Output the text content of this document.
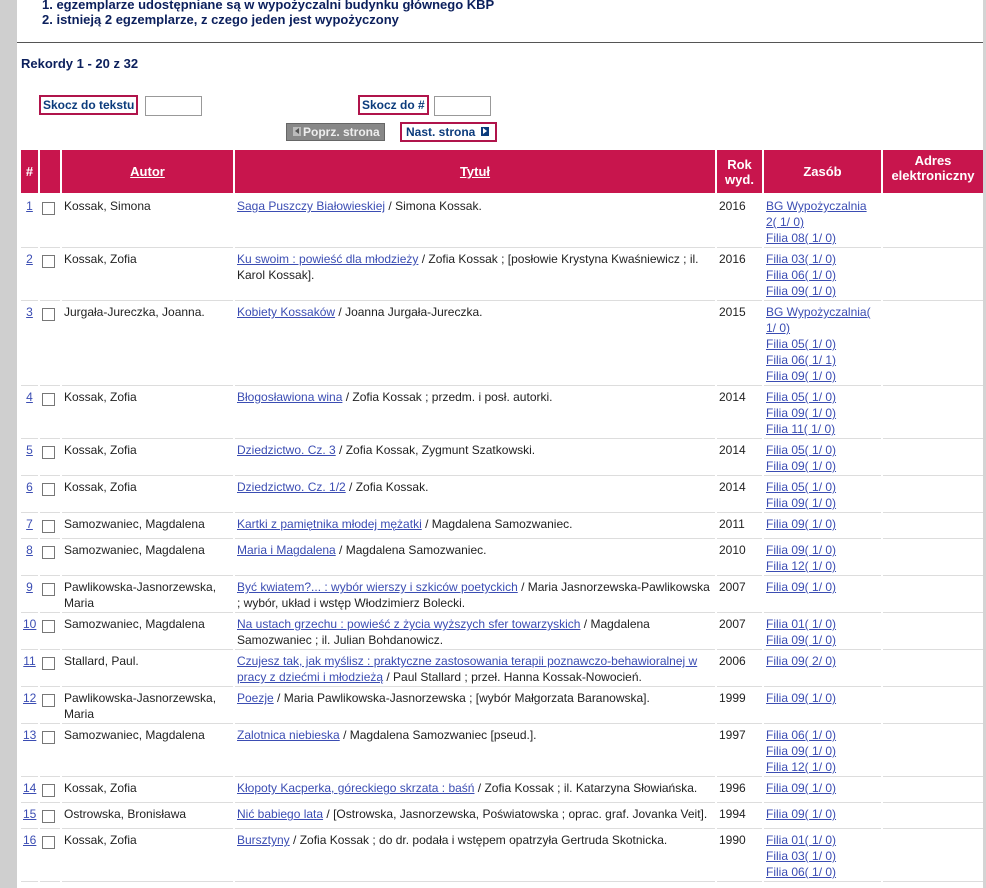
1. egzemplarze udostępniane są w wypożyczalni budynku głównego KBP
2. istnieją 2 egzemplarze, z czego jeden jest wypożyczony
Rekordy 1 - 20 z 32
Skocz do tekstu	Skocz do #
Poprz. strona	Nast. strona
#		Autor	Tytuł	Rok wyd.	Zasób	Adres elektroniczny
1		Kossak, Simona	Saga Puszczy Białowieskiej / Simona Kossak.	2016	BG Wypożyczalnia 2( 1/ 0)
Filia 08( 1/ 0)	

2		Kossak, Zofia	Ku swoim : powieść dla młodzieży / Zofia Kossak ; [posłowie Krystyna Kwaśniewicz ; il. Karol Kossak].	2016	Filia 03( 1/ 0)
Filia 06( 1/ 0)
Filia 09( 1/ 0)	

3		Jurgała-Jureczka, Joanna.	Kobiety Kossaków / Joanna Jurgała-Jureczka.	2015	BG Wypożyczalnia( 1/ 0)
Filia 05( 1/ 0)
Filia 06( 1/ 1)
Filia 09( 1/ 0)	

4		Kossak, Zofia	Błogosławiona wina / Zofia Kossak ; przedm. i posł. autorki.	2014	Filia 05( 1/ 0)
Filia 09( 1/ 0)
Filia 11( 1/ 0)	

5		Kossak, Zofia	Dziedzictwo. Cz. 3 / Zofia Kossak, Zygmunt Szatkowski.	2014	Filia 05( 1/ 0)
Filia 09( 1/ 0)	

6		Kossak, Zofia	Dziedzictwo. Cz. 1/2 / Zofia Kossak.	2014	Filia 05( 1/ 0)
Filia 09( 1/ 0)	

7		Samozwaniec, Magdalena	Kartki z pamiętnika młodej mężatki / Magdalena Samozwaniec.	2011	Filia 09( 1/ 0)	

8		Samozwaniec, Magdalena	Maria i Magdalena / Magdalena Samozwaniec.	2010	Filia 09( 1/ 0)
Filia 12( 1/ 0)	

9		Pawlikowska-Jasnorzewska, Maria	Być kwiatem?... : wybór wierszy i szkiców poetyckich / Maria Jasnorzewska-Pawlikowska ; wybór, układ i wstęp Włodzimierz Bolecki.	2007	Filia 09( 1/ 0)	

10		Samozwaniec, Magdalena	Na ustach grzechu : powieść z życia wyższych sfer towarzyskich / Magdalena Samozwaniec ; il. Julian Bohdanowicz.	2007	Filia 01( 1/ 0)
Filia 09( 1/ 0)	

11		Stallard, Paul.	Czujesz tak, jak myślisz : praktyczne zastosowania terapii poznawczo-behawioralnej w pracy z dziećmi i młodzieżą / Paul Stallard ; przeł. Hanna Kossak-Nowocień.	2006	Filia 09( 2/ 0)	

12		Pawlikowska-Jasnorzewska, Maria	Poezje / Maria Pawlikowska-Jasnorzewska ; [wybór Małgorzata Baranowska].	1999	Filia 09( 1/ 0)	

13		Samozwaniec, Magdalena	Zalotnica niebieska / Magdalena Samozwaniec [pseud.].	1997	Filia 06( 1/ 0)
Filia 09( 1/ 0)
Filia 12( 1/ 0)	

14		Kossak, Zofia	Kłopoty Kacperka, góreckiego skrzata : baśń / Zofia Kossak ; il. Katarzyna Słowiańska.	1996	Filia 09( 1/ 0)	

15		Ostrowska, Bronisława	Nić babiego lata / [Ostrowska, Jasnorzewska, Poświatowska ; oprac. graf. Jovanka Veit].	1994	Filia 09( 1/ 0)	

16		Kossak, Zofia	Bursztyny / Zofia Kossak ; do dr. podała i wstępem opatrzyła Gertruda Skotnicka.	1990	Filia 01( 1/ 0)
Filia 03( 1/ 0)
Filia 06( 1/ 0)	
